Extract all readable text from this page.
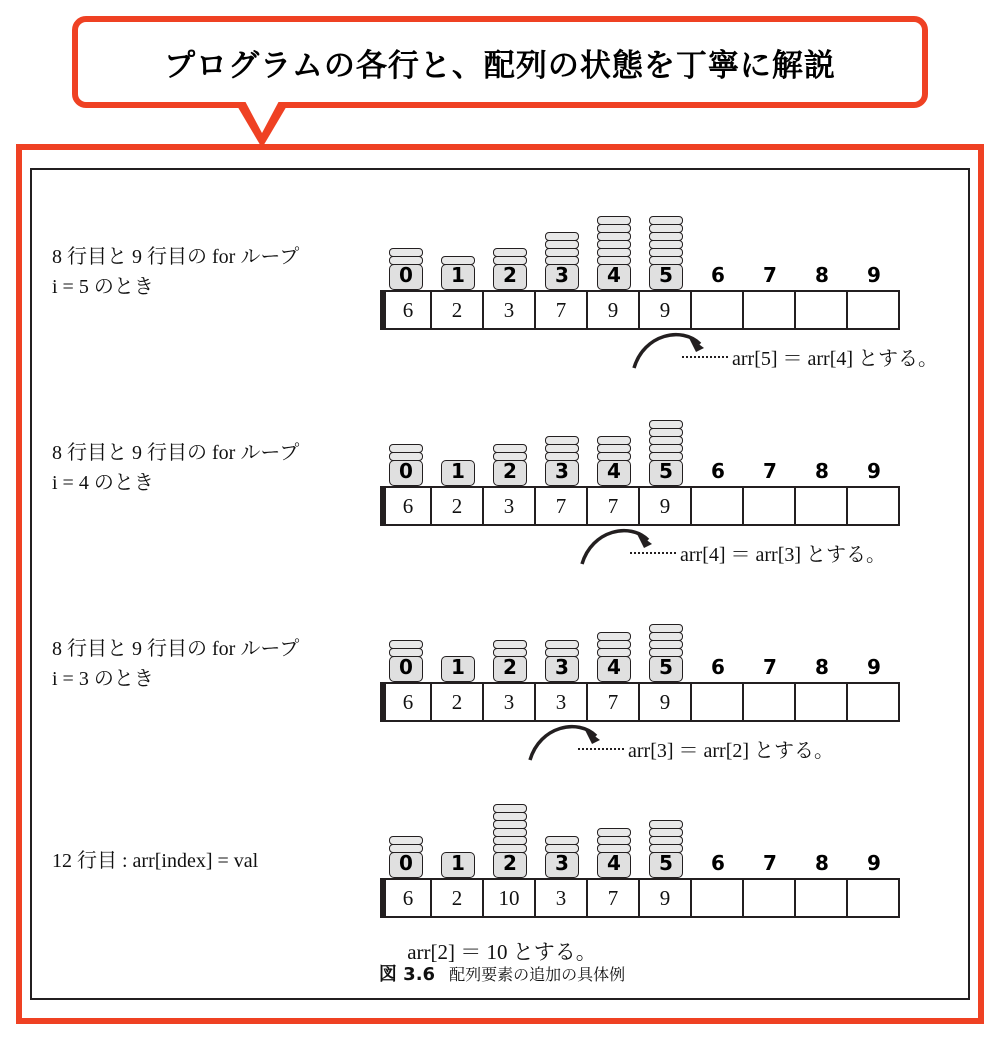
プログラムの各行と、配列の状態を丁寧に解説
8 行目と 9 行目の for ループ
i = 5 のとき	0 1 2 3 4 5 6 7 8 9
6	2	3	7	9	9
arr[5] ＝ arr[4] とする。
8 行目と 9 行目の for ループ
i = 4 のとき	0 1 2 3 4 5 6 7 8 9
6	2	3	7	7	9
arr[4] ＝ arr[3] とする。
8 行目と 9 行目の for ループ
i = 3 のとき	0 1 2 3 4 5 6 7 8 9
6	2	3	3	7	9
arr[3] ＝ arr[2] とする。
12 行目 : arr[index] = val	0 1 2 3 4 5 6 7 8 9
6	2	10	3	7	9
arr[2] ＝ 10 とする。
図 3.6 配列要素の追加の具体例
